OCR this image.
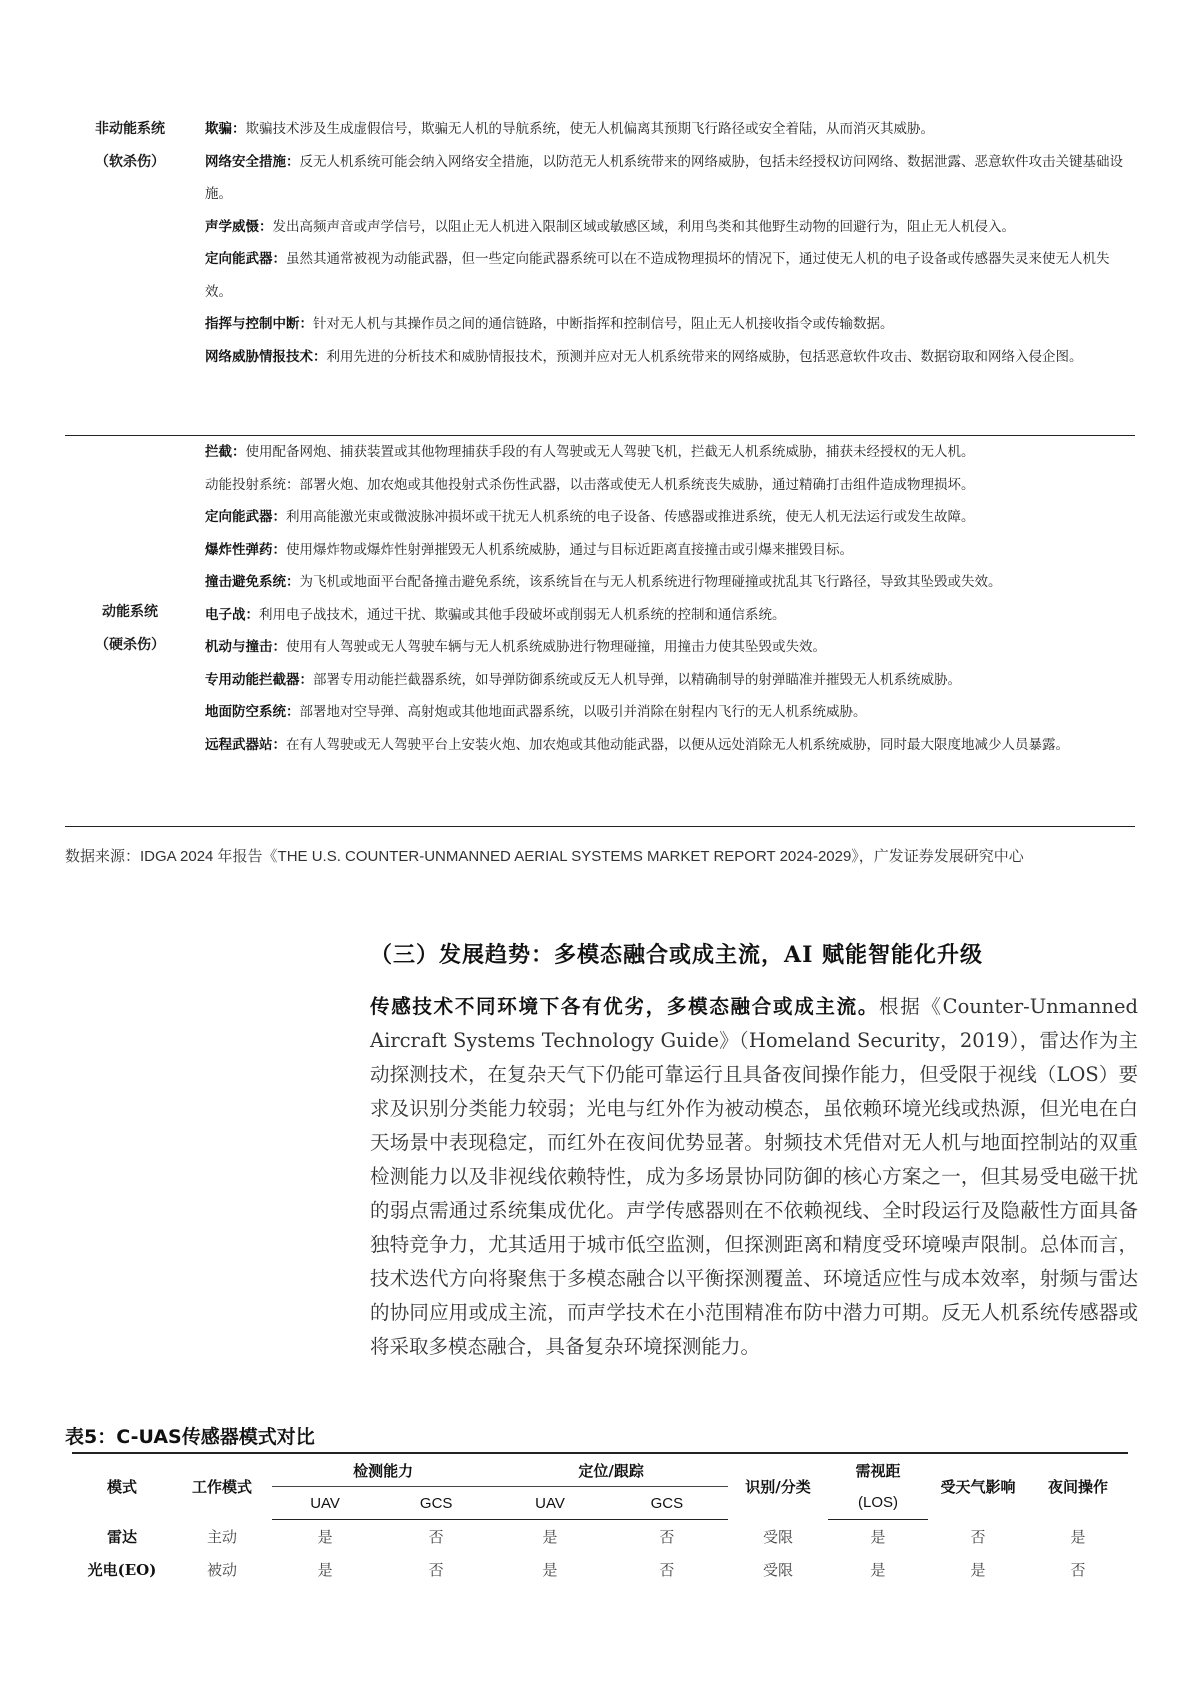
非动能系统
（软杀伤）
欺骗：欺骗技术涉及生成虚假信号，欺骗无人机的导航系统，使无人机偏离其预期飞行路径或安全着陆，从而消灭其威胁。
网络安全措施：反无人机系统可能会纳入网络安全措施，以防范无人机系统带来的网络威胁，包括未经授权访问网络、数据泄露、恶意软件攻击关键基础设施。
声学威慑：发出高频声音或声学信号，以阻止无人机进入限制区域或敏感区域，利用鸟类和其他野生动物的回避行为，阻止无人机侵入。
定向能武器：虽然其通常被视为动能武器，但一些定向能武器系统可以在不造成物理损坏的情况下，通过使无人机的电子设备或传感器失灵来使无人机失效。
指挥与控制中断：针对无人机与其操作员之间的通信链路，中断指挥和控制信号，阻止无人机接收指令或传输数据。
网络威胁情报技术：利用先进的分析技术和威胁情报技术，预测并应对无人机系统带来的网络威胁，包括恶意软件攻击、数据窃取和网络入侵企图。
动能系统
（硬杀伤）
拦截：使用配备网炮、捕获装置或其他物理捕获手段的有人驾驶或无人驾驶飞机，拦截无人机系统威胁，捕获未经授权的无人机。
动能投射系统：部署火炮、加农炮或其他投射式杀伤性武器，以击落或使无人机系统丧失威胁，通过精确打击组件造成物理损坏。
定向能武器：利用高能激光束或微波脉冲损坏或干扰无人机系统的电子设备、传感器或推进系统，使无人机无法运行或发生故障。
爆炸性弹药：使用爆炸物或爆炸性射弹摧毁无人机系统威胁，通过与目标近距离直接撞击或引爆来摧毁目标。
撞击避免系统：为飞机或地面平台配备撞击避免系统，该系统旨在与无人机系统进行物理碰撞或扰乱其飞行路径，导致其坠毁或失效。
电子战：利用电子战技术，通过干扰、欺骗或其他手段破坏或削弱无人机系统的控制和通信系统。
机动与撞击：使用有人驾驶或无人驾驶车辆与无人机系统威胁进行物理碰撞，用撞击力使其坠毁或失效。
专用动能拦截器：部署专用动能拦截器系统，如导弹防御系统或反无人机导弹，以精确制导的射弹瞄准并摧毁无人机系统威胁。
地面防空系统：部署地对空导弹、高射炮或其他地面武器系统，以吸引并消除在射程内飞行的无人机系统威胁。
远程武器站：在有人驾驶或无人驾驶平台上安装火炮、加农炮或其他动能武器，以便从远处消除无人机系统威胁，同时最大限度地减少人员暴露。
数据来源：IDGA 2024 年报告《THE U.S. COUNTER-UNMANNED AERIAL SYSTEMS MARKET REPORT 2024-2029》，广发证券发展研究中心
（三）发展趋势：多模态融合或成主流，AI 赋能智能化升级
传感技术不同环境下各有优劣，多模态融合或成主流。根据《Counter-Unmanned Aircraft Systems Technology Guide》（Homeland Security，2019），雷达作为主动探测技术，在复杂天气下仍能可靠运行且具备夜间操作能力，但受限于视线（LOS）要求及识别分类能力较弱；光电与红外作为被动模态，虽依赖环境光线或热源，但光电在白天场景中表现稳定，而红外在夜间优势显著。射频技术凭借对无人机与地面控制站的双重检测能力以及非视线依赖特性，成为多场景协同防御的核心方案之一，但其易受电磁干扰的弱点需通过系统集成优化。声学传感器则在不依赖视线、全时段运行及隐蔽性方面具备独特竞争力，尤其适用于城市低空监测，但探测距离和精度受环境噪声限制。总体而言，技术迭代方向将聚焦于多模态融合以平衡探测覆盖、环境适应性与成本效率，射频与雷达的协同应用或成主流，而声学技术在小范围精准布防中潜力可期。反无人机系统传感器或将采取多模态融合，具备复杂环境探测能力。
表5：C-UAS传感器模式对比
模式	工作模式	检测能力		定位/跟踪		识别/分类	需视距	受天气影响	夜间操作
		UAV	GCS	UAV	GCS		(LOS)		
雷达	主动	是	否	是	否	受限	是	否	是
光电(EO)	被动	是	否	是	否	受限	是	是	否
